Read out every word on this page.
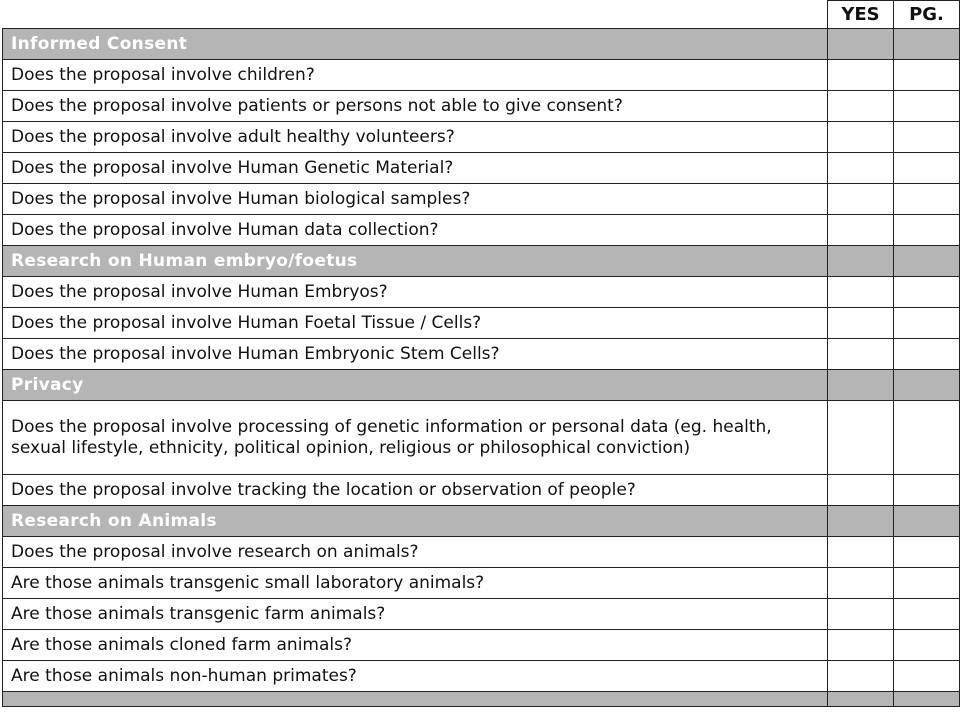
	YES	PG.
Informed Consent		
Does the proposal involve children?		
Does the proposal involve patients or persons not able to give consent?		
Does the proposal involve adult healthy volunteers?		
Does the proposal involve Human Genetic Material?		
Does the proposal involve Human biological samples?		
Does the proposal involve Human data collection?		
Research on Human embryo/foetus		
Does the proposal involve Human Embryos?		
Does the proposal involve Human Foetal Tissue / Cells?		
Does the proposal involve Human Embryonic Stem Cells?		
Privacy		
Does the proposal involve processing of genetic information or personal data (eg. health, sexual lifestyle, ethnicity, political opinion, religious or philosophical conviction)		
Does the proposal involve tracking the location or observation of people?		
Research on Animals		
Does the proposal involve research on animals?		
Are those animals transgenic small laboratory animals?		
Are those animals transgenic farm animals?		
Are those animals cloned farm animals?		
Are those animals non-human primates?		
